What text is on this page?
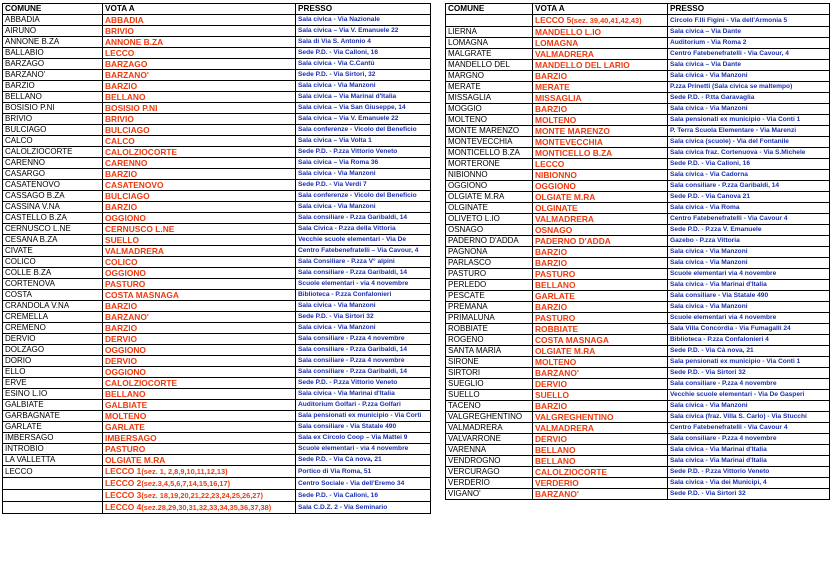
COMUNE	VOTA A	PRESSO
ABBADIA	ABBADIA	Sala civica - Via Nazionale
AIRUNO	BRIVIO	Sala civica – Via V. Emanuele 22
ANNONE B.ZA	ANNONE B.ZA	Sala di Via S. Antonio 4
BALLABIO	LECCO	Sede P.D. - Via Calloni, 16
BARZAGO	BARZAGO	Sala civica - Via C.Cantù
BARZANO'	BARZANO'	Sede P.D. - Via Sirtori, 32
BARZIO	BARZIO	Sala civica - Via Manzoni
BELLANO	BELLANO	Sala civica – Via Marinai d'Italia
BOSISIO P.NI	BOSISIO P.NI	Sala civica – Via San Giuseppe, 14
BRIVIO	BRIVIO	Sala civica – Via V. Emanuele 22
BULCIAGO	BULCIAGO	Sala conferenze - Vicolo del Beneficio
CALCO	CALCO	Sala civica – Via Volta 1
CALOLZIOCORTE	CALOLZIOCORTE	Sede P.D. - P.zza Vittorio Veneto
CARENNO	CARENNO	Sala civica – Via Roma 36
CASARGO	BARZIO	Sala civica - Via Manzoni
CASATENOVO	CASATENOVO	Sede P.D. - Via Verdi 7
CASSAGO B.ZA	BULCIAGO	Sala conferenze - Vicolo del Beneficio
CASSINA V.NA	BARZIO	Sala civica - Via Manzoni
CASTELLO B.ZA	OGGIONO	Sala consiliare - P.zza Garibaldi, 14
CERNUSCO L.NE	CERNUSCO L.NE	Sala Civica - P.zza della Vittoria
CESANA B.ZA	SUELLO	Vecchie scuole elementari - Via De
CIVATE	VALMADRERA	Centro Fatebenefratelli – Via Cavour, 4
COLICO	COLICO	Sala Consiliare - P.zza V° alpini
COLLE B.ZA	OGGIONO	Sala consiliare - P.zza Garibaldi, 14
CORTENOVA	PASTURO	Scuole elementari - via 4 novembre
COSTA	COSTA MASNAGA	Biblioteca - P.zza Confalonieri
CRANDOLA V.NA	BARZIO	Sala civica - Via Manzoni
CREMELLA	BARZANO'	Sede P.D. - Via Sirtori 32
CREMENO	BARZIO	Sala civica - Via Manzoni
DERVIO	DERVIO	Sala consiliare - P.zza 4 novembre
DOLZAGO	OGGIONO	Sala consiliare - P.zza Garibaldi, 14
DORIO	DERVIO	Sala consiliare - P.zza 4 novembre
ELLO	OGGIONO	Sala consiliare - P.zza Garibaldi, 14
ERVE	CALOLZIOCORTE	Sede P.D. - P.zza Vittorio Veneto
ESINO L.IO	BELLANO	Sala civica - Via Marinai d'Italia
GALBIATE	GALBIATE	Auditorium Golfari - P.zza Golfari
GARBAGNATE	MOLTENO	Sala pensionati ex municipio - Via Corti
GARLATE	GARLATE	Sala consiliare - Via Statale 490
IMBERSAGO	IMBERSAGO	Sala ex Circolo Coop – Via Mattei 9
INTROBIO	PASTURO	Scuole elementari - via 4 novembre
LA VALLETTA	OLGIATE M.RA	Sede P.D. - Via Cà nova, 21
LECCO	LECCO 1(sez. 1, 2,8,9,10,11,12,13)	Portico di Via Roma, 51
	LECCO 2(sez.3,4,5,6,7,14,15,16,17)	Centro Sociale - Via dell'Eremo 34
	LECCO 3(sez. 18,19,20,21,22,23,24,25,26,27)	Sede P.D. - Via Calloni, 16
	LECCO 4(sez.28,29,30,31,32,33,34,35,36,37,38)	Sala C.D.Z. 2 - Via Seminario
COMUNE	VOTA A	PRESSO
	LECCO 5(sez. 39,40,41,42,43)	Circolo F.lli Figini - Via dell'Armonia 5
LIERNA	MANDELLO L.IO	Sala civica – Via Dante
LOMAGNA	LOMAGNA	Auditorium - Via Roma 2
MALGRATE	VALMADRERA	Centro Fatebenefratelli - Via Cavour, 4
MANDELLO DEL	MANDELLO DEL LARIO	Sala civica – Via Dante
MARGNO	BARZIO	Sala civica - Via Manzoni
MERATE	MERATE	P.zza Prinetti (Sala civica se maltempo)
MISSAGLIA	MISSAGLIA	Sede P.D. - P.tta Garavaglia
MOGGIO	BARZIO	Sala civica - Via Manzoni
MOLTENO	MOLTENO	Sala pensionati ex municipio - Via Conti 1
MONTE MARENZO	MONTE MARENZO	P. Terra Scuola Elementare - Via Marenzi
MONTEVECCHIA	MONTEVECCHIA	Sala civica (scuole) - Via del Fontanile
MONTICELLO B.ZA	MONTICELLO B.ZA	Sala civica fraz. Cortenuova - Via S.Michele
MORTERONE	LECCO	Sede P.D. - Via Calloni, 16
NIBIONNO	NIBIONNO	Sala civica - Via Cadorna
OGGIONO	OGGIONO	Sala consiliare - P.zza Garibaldi, 14
OLGIATE M.RA	OLGIATE M.RA	Sede P.D. - Via Canova 21
OLGINATE	OLGINATE	Sala civica - Via Roma
OLIVETO L.IO	VALMADRERA	Centro Fatebenefratelli - Via Cavour 4
OSNAGO	OSNAGO	Sede P.D. - P.zza V. Emanuele
PADERNO D'ADDA	PADERNO D'ADDA	Gazebo - P.zza Vittoria
PAGNONA	BARZIO	Sala civica - Via Manzoni
PARLASCO	BARZIO	Sala civica - Via Manzoni
PASTURO	PASTURO	Scuole elementari via 4 novembre
PERLEDO	BELLANO	Sala civica - Via Marinai d'Italia
PESCATE	GARLATE	Sala consiliare - Via Statale 490
PREMANA	BARZIO	Sala civica - Via Manzoni
PRIMALUNA	PASTURO	Scuole elementari via 4 novembre
ROBBIATE	ROBBIATE	Sala Villa Concordia - Via Fumagalli 24
ROGENO	COSTA MASNAGA	Biblioteca - P.zza Confalonieri 4
SANTA MARIA	OLGIATE M.RA	Sede P.D. - Via Cà nova, 21
SIRONE	MOLTENO	Sala pensionati ex municipio - Via Conti 1
SIRTORI	BARZANO'	Sede P.D. - Via Sirtori 32
SUEGLIO	DERVIO	Sala consiliare - P.zza 4 novembre
SUELLO	SUELLO	Vecchie scuole elementari - Via De Gasperi
TACENO	BARZIO	Sala civica - Via Manzoni
VALGREGHENTINO	VALGREGHENTINO	Sala civica (fraz. Villa S. Carlo) - Via Stucchi
VALMADRERA	VALMADRERA	Centro Fatebenefratelli - Via Cavour 4
VALVARRONE	DERVIO	Sala consiliare - P.zza 4 novembre
VARENNA	BELLANO	Sala civica - Via Marinai d'Italia
VENDROGNO	BELLANO	Sala civica - Via Marinai d'Italia
VERCURAGO	CALOLZIOCORTE	Sede P.D. - P.zza Vittorio Veneto
VERDERIO	VERDERIO	Sala civica - Via dei Municipi, 4
VIGANO'	BARZANO'	Sede P.D. - Via Sirtori 32
